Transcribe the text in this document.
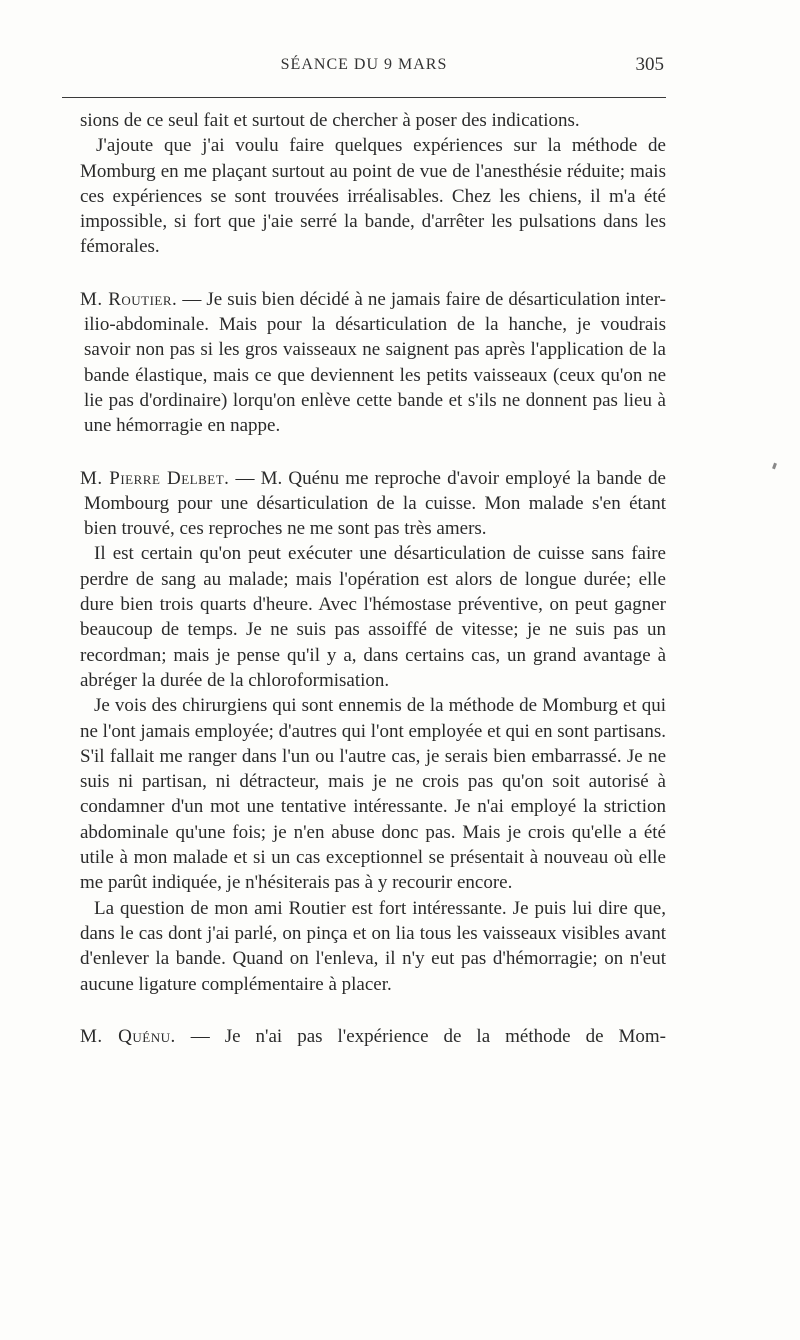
SÉANCE DU 9 MARS	305

sions de ce seul fait et surtout de chercher à poser des indications.

J'ajoute que j'ai voulu faire quelques expériences sur la méthode de Momburg en me plaçant surtout au point de vue de l'anesthésie réduite; mais ces expériences se sont trouvées irréalisables. Chez les chiens, il m'a été impossible, si fort que j'aie serré la bande, d'arrêter les pulsations dans les fémorales.

M. Routier. — Je suis bien décidé à ne jamais faire de désarticulation inter-ilio-abdominale. Mais pour la désarticulation de la hanche, je voudrais savoir non pas si les gros vaisseaux ne saignent pas après l'application de la bande élastique, mais ce que deviennent les petits vaisseaux (ceux qu'on ne lie pas d'ordinaire) lorqu'on enlève cette bande et s'ils ne donnent pas lieu à une hémorragie en nappe.

M. Pierre Delbet. — M. Quénu me reproche d'avoir employé la bande de Mombourg pour une désarticulation de la cuisse. Mon malade s'en étant bien trouvé, ces reproches ne me sont pas très amers.

Il est certain qu'on peut exécuter une désarticulation de cuisse sans faire perdre de sang au malade; mais l'opération est alors de longue durée; elle dure bien trois quarts d'heure. Avec l'hémostase préventive, on peut gagner beaucoup de temps. Je ne suis pas assoiffé de vitesse; je ne suis pas un recordman; mais je pense qu'il y a, dans certains cas, un grand avantage à abréger la durée de la chloroformisation.

Je vois des chirurgiens qui sont ennemis de la méthode de Momburg et qui ne l'ont jamais employée; d'autres qui l'ont employée et qui en sont partisans. S'il fallait me ranger dans l'un ou l'autre cas, je serais bien embarrassé. Je ne suis ni partisan, ni détracteur, mais je ne crois pas qu'on soit autorisé à condamner d'un mot une tentative intéressante. Je n'ai employé la striction abdominale qu'une fois; je n'en abuse donc pas. Mais je crois qu'elle a été utile à mon malade et si un cas exceptionnel se présentait à nouveau où elle me parût indiquée, je n'hésiterais pas à y recourir encore.

La question de mon ami Routier est fort intéressante. Je puis lui dire que, dans le cas dont j'ai parlé, on pinça et on lia tous les vaisseaux visibles avant d'enlever la bande. Quand on l'enleva, il n'y eut pas d'hémorragie; on n'eut aucune ligature complémentaire à placer.

M. Quénu. — Je n'ai pas l'expérience de la méthode de Mom-
